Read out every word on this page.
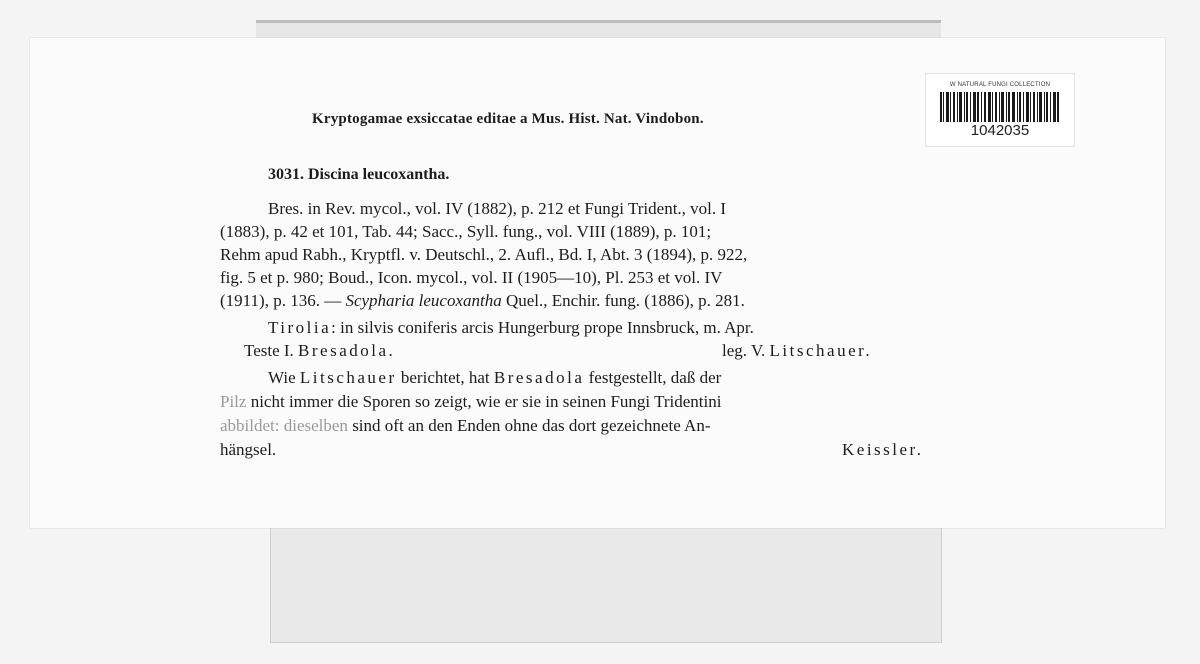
W NATURAL FUNGI COLLECTION
1042035
Kryptogamae exsiccatae editae a Mus. Hist. Nat. Vindobon.
3031. Discina leucoxantha.
Bres. in Rev. mycol., vol. IV (1882), p. 212 et Fungi Trident., vol. I
(1883), p. 42 et 101, Tab. 44; Sacc., Syll. fung., vol. VIII (1889), p. 101;
Rehm apud Rabh., Kryptfl. v. Deutschl., 2. Aufl., Bd. I, Abt. 3 (1894), p. 922,
fig. 5 et p. 980; Boud., Icon. mycol., vol. II (1905—10), Pl. 253 et vol. IV
(1911), p. 136. — Scypharia leucoxantha Quel., Enchir. fung. (1886), p. 281.
Tirolia: in silvis coniferis arcis Hungerburg prope Innsbruck, m. Apr.
Teste I. Bresadola.	leg. V. Litschauer.
Wie Litschauer berichtet, hat Bresadola festgestellt, daß der
Pilz nicht immer die Sporen so zeigt, wie er sie in seinen Fungi Tridentini
abbildet: dieselben sind oft an den Enden ohne das dort gezeichnete An-
hängsel.	Keissler.
